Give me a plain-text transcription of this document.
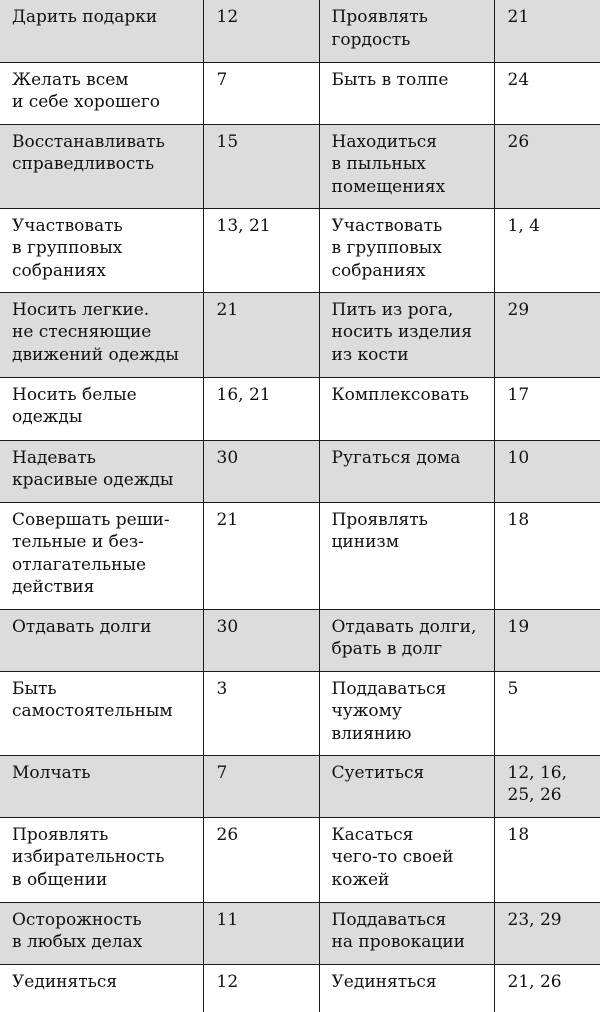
Дарить подарки	12	Проявлять
гордость	21
Желать всем
и себе хорошего	7	Быть в толпе	24
Восстанавливать
справедливость	15	Находиться
в пыльных
помещениях	26
Участвовать
в групповых
собраниях	13, 21	Участвовать
в групповых
собраниях	1, 4
Носить легкие.
не стесняющие
движений одежды	21	Пить из рога,
носить изделия
из кости	29
Носить белые
одежды	16, 21	Комплексовать	17
Надевать
красивые одежды	30	Ругаться дома	10
Совершать реши-
тельные и без-
отлагательные
действия	21	Проявлять
цинизм	18
Отдавать долги	30	Отдавать долги,
брать в долг	19
Быть
самостоятельным	3	Поддаваться
чужому
влиянию	5
Молчать	7	Суетиться	12, 16,
25, 26
Проявлять
избирательность
в общении	26	Касаться
чего-то своей
кожей	18
Осторожность
в любых делах	11	Поддаваться
на провокации	23, 29
Уединяться	12	Уединяться	21, 26
